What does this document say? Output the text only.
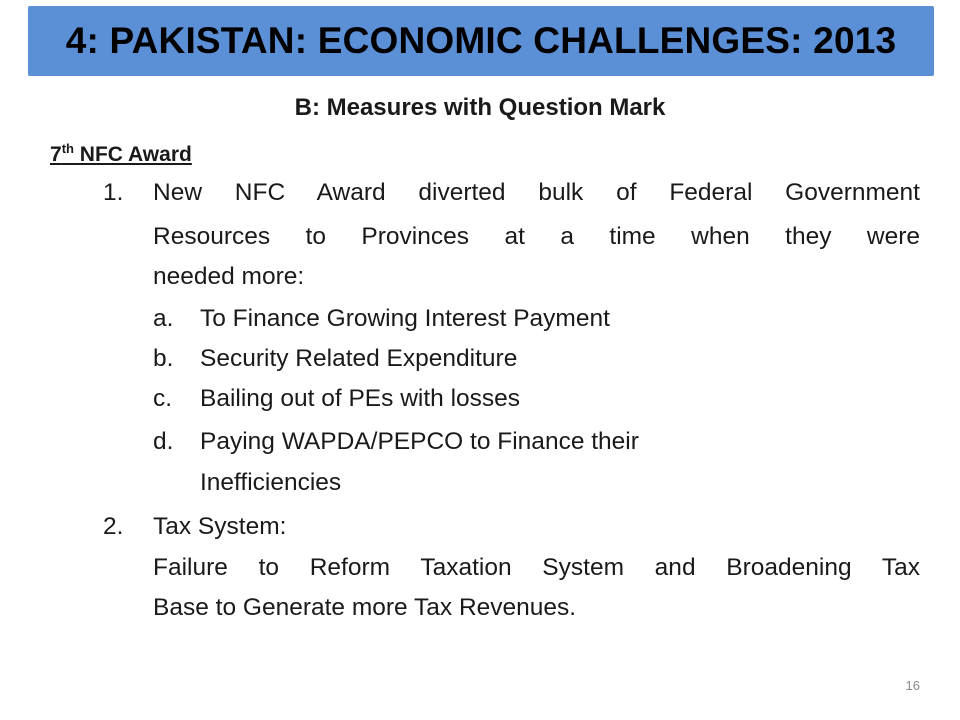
4: PAKISTAN: ECONOMIC CHALLENGES: 2013
B: Measures with Question Mark
7th NFC Award
1. New NFC Award diverted bulk of Federal Government
Resources to Provinces at a time when they were
needed more:
a. To Finance Growing Interest Payment
b. Security Related Expenditure
c. Bailing out of PEs with losses
d. Paying WAPDA/PEPCO to Finance their
Inefficiencies
2. Tax System:
Failure to Reform Taxation System and Broadening Tax
Base to Generate more Tax Revenues.
16
